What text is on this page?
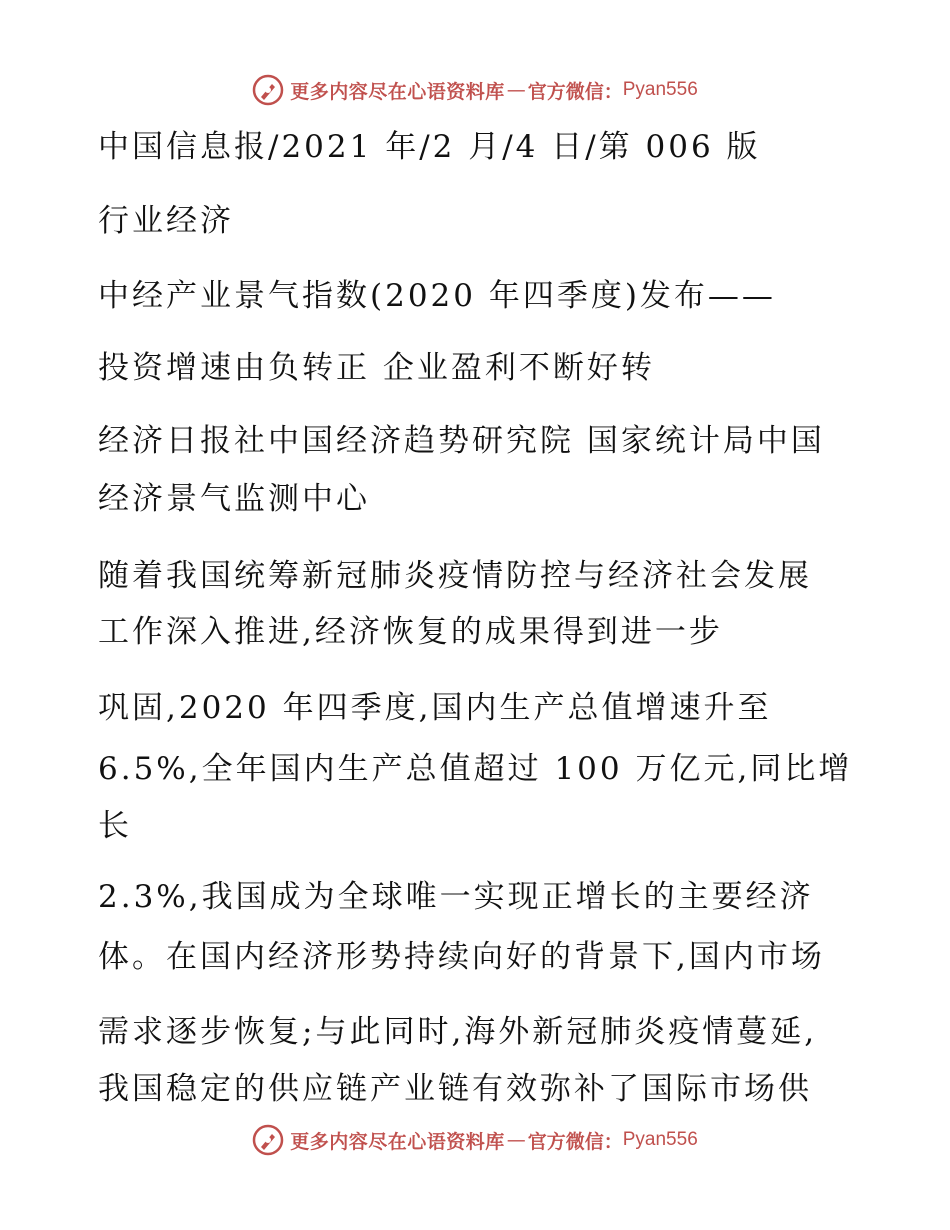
更多内容尽在心语资料库 — 官方微信： Pyan556
中国信息报/2021 年/2 月/4 日/第 006 版
行业经济
中经产业景气指数(2020 年四季度)发布——
投资增速由负转正 企业盈利不断好转
经济日报社中国经济趋势研究院 国家统计局中国
经济景气监测中心
随着我国统筹新冠肺炎疫情防控与经济社会发展
工作深入推进,经济恢复的成果得到进一步
巩固,2020 年四季度,国内生产总值增速升至
6.5%,全年国内生产总值超过 100 万亿元,同比增
长
2.3%,我国成为全球唯一实现正增长的主要经济
体。在国内经济形势持续向好的背景下,国内市场
需求逐步恢复;与此同时,海外新冠肺炎疫情蔓延,
我国稳定的供应链产业链有效弥补了国际市场供
更多内容尽在心语资料库 — 官方微信： Pyan556
